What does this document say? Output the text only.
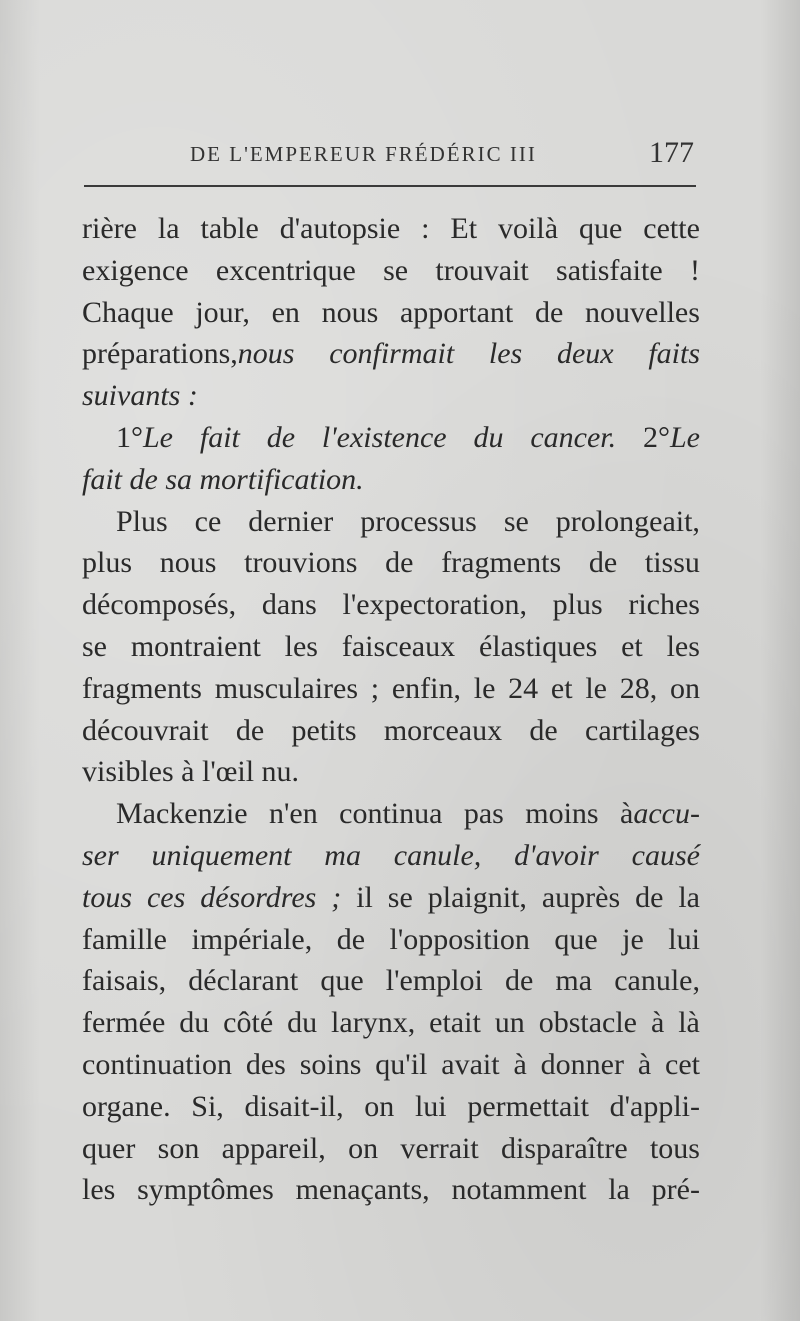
DE L'EMPEREUR FRÉDÉRIC III	177
rière la table d'autopsie : Et voilà que cette
exigence excentrique se trouvait satisfaite !
Chaque jour, en nous apportant de nouvelles
préparations,nous confirmait les deux faits
suivants :
1°Le fait de l'existence du cancer. 2°Le
fait de sa mortification.
Plus ce dernier processus se prolongeait,
plus nous trouvions de fragments de tissu
décomposés, dans l'expectoration, plus riches
se montraient les faisceaux élastiques et les
fragments musculaires ; enfin, le 24 et le 28, on
découvrait de petits morceaux de cartilages
visibles à l'œil nu.
Mackenzie n'en continua pas moins àaccu-
ser uniquement ma canule, d'avoir causé
tous ces désordres ; il se plaignit, auprès de la
famille impériale, de l'opposition que je lui
faisais, déclarant que l'emploi de ma canule,
fermée du côté du larynx, etait un obstacle à là
continuation des soins qu'il avait à donner à cet
organe. Si, disait-il, on lui permettait d'appli-
quer son appareil, on verrait disparaître tous
les symptômes menaçants, notamment la pré-
